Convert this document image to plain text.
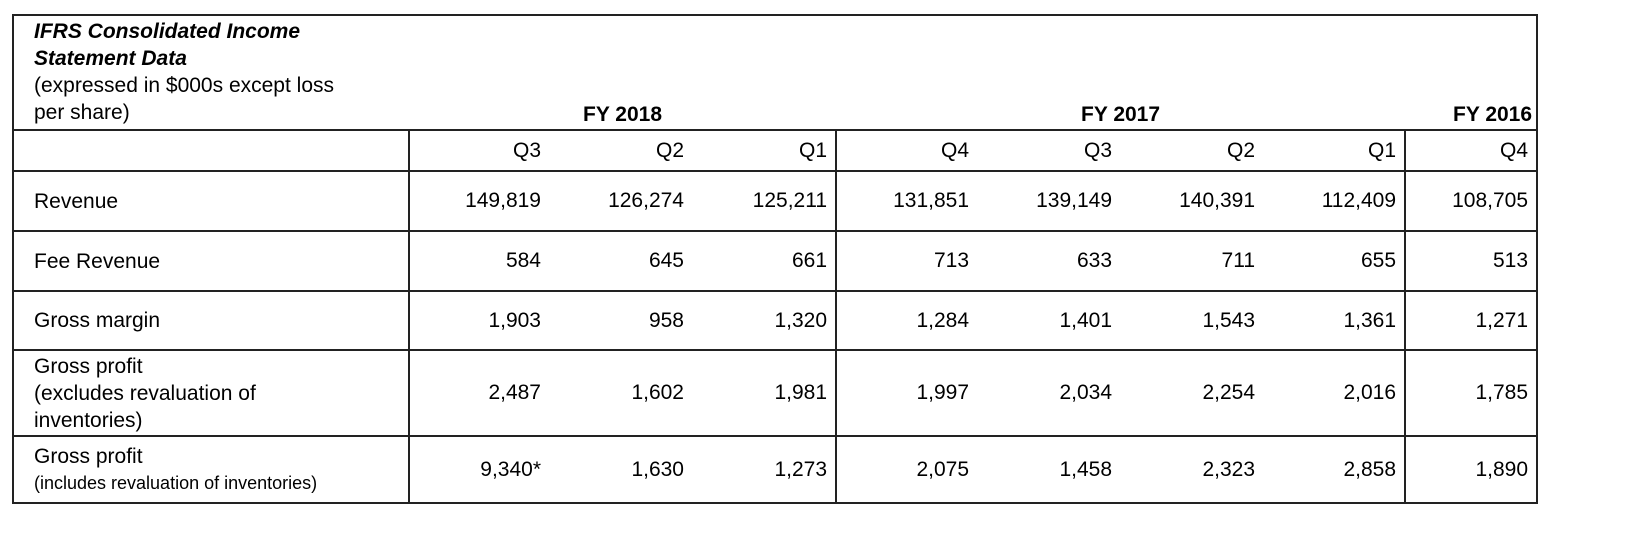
IFRS Consolidated Income
Statement Data
(expressed in $000s except loss
per share)	FY 2018			FY 2017				FY 2016
	Q3	Q2	Q1	Q4	Q3	Q2	Q1	Q4
Revenue	149,819	126,274	125,211	131,851	139,149	140,391	112,409	108,705
Fee Revenue	584	645	661	713	633	711	655	513
Gross margin	1,903	958	1,320	1,284	1,401	1,543	1,361	1,271

Gross profit
(excludes revaluation of
inventories)	2,487	1,602	1,981	1,997	2,034	2,254	2,016	1,785

Gross profit
(includes revaluation of inventories)	9,340*	1,630	1,273	2,075	1,458	2,323	2,858	1,890
